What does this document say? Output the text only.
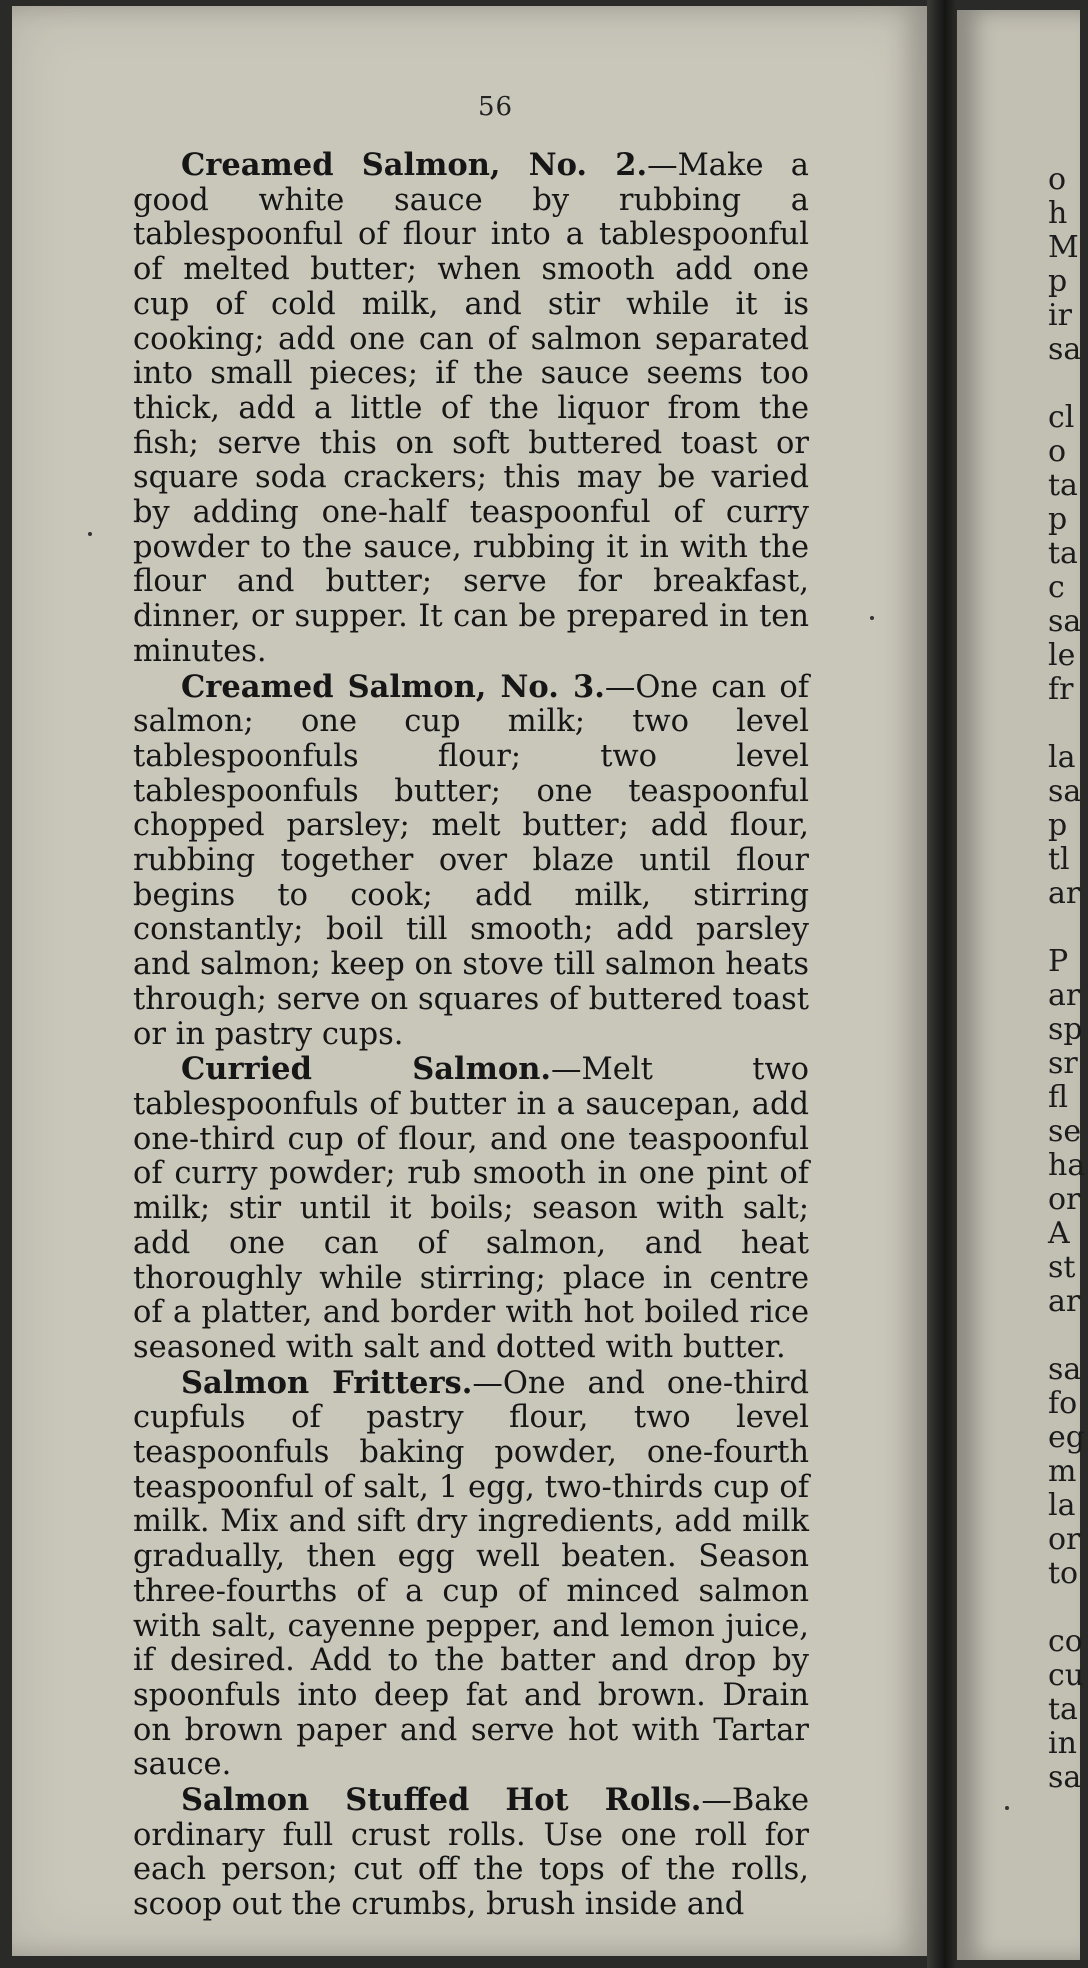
56

Creamed Salmon, No. 2.—Make a good white sauce by rubbing a tablespoonful of flour into a tablespoonful of melted butter; when smooth add one cup of cold milk, and stir while it is cooking; add one can of salmon separated into small pieces; if the sauce seems too thick, add a little of the liquor from the fish; serve this on soft buttered toast or square soda crackers; this may be varied by adding one-half teaspoonful of curry powder to the sauce, rubbing it in with the flour and butter; serve for breakfast, dinner, or supper. It can be prepared in ten minutes.

Creamed Salmon, No. 3.—One can of salmon; one cup milk; two level tablespoonfuls flour; two level tablespoonfuls butter; one teaspoonful chopped parsley; melt butter; add flour, rubbing together over blaze until flour begins to cook; add milk, stirring constantly; boil till smooth; add parsley and salmon; keep on stove till salmon heats through; serve on squares of buttered toast or in pastry cups.

Curried Salmon.—Melt two tablespoonfuls of butter in a saucepan, add one-third cup of flour, and one teaspoonful of curry powder; rub smooth in one pint of milk; stir until it boils; season with salt; add one can of salmon, and heat thoroughly while stirring; place in centre of a platter, and border with hot boiled rice seasoned with salt and dotted with butter.

Salmon Fritters.—One and one-third cupfuls of pastry flour, two level teaspoonfuls baking powder, one-fourth teaspoonful of salt, 1 egg, two-thirds cup of milk. Mix and sift dry ingredients, add milk gradually, then egg well beaten. Season three-fourths of a cup of minced salmon with salt, cayenne pepper, and lemon juice, if desired. Add to the batter and drop by spoonfuls into deep fat and brown. Drain on brown paper and serve hot with Tartar sauce.

Salmon Stuffed Hot Rolls.—Bake ordinary full crust rolls. Use one roll for each person; cut off the tops of the rolls, scoop out the crumbs, brush inside and

o
h
M
p
ir
sa
cl
o
ta
p
ta
c
sa
le
fr
la
sa
p
tl
ar
P
ar
sp
sr
fl
se
ha
or
A
st
ar
sa
fo
eg
m
la
or
to
co
cu
ta
in
sa
